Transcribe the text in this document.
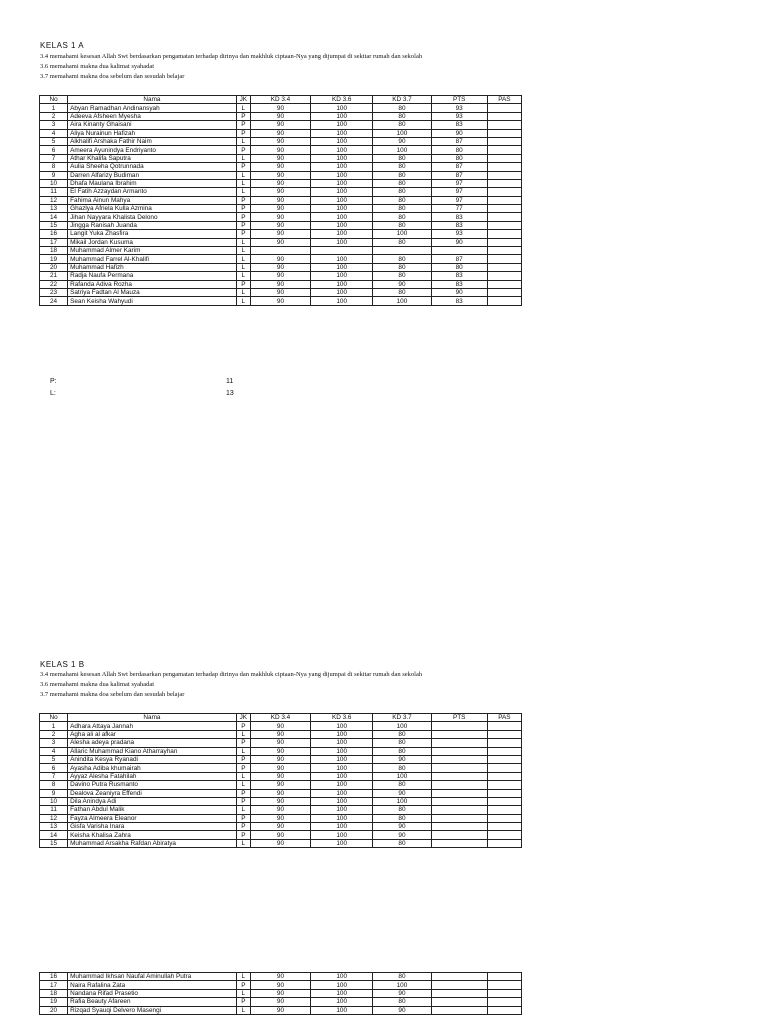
KELAS 1 A
3.4 memahami kesesan Allah Swt berdasarkan pengamatan terhadap dirinya dan makhluk ciptaan-Nya yang dijumpai di sekitar rumah dan sekolah
3.6 memahami makna dua kalimat syahadat
3.7 memahami makna doa sebelum dan sesudah belajar
No	Nama	JK	KD 3.4	KD 3.6	KD 3.7	PTS	PAS
1	Abyan Ramadhan Andinansyah	L	90	100	80	93	
2	Adeeva Afsheen Myesha	P	90	100	80	93	
3	Aira Kinanty Ghaisani	P	90	100	80	83	
4	Aliya Nurainun Hafizah	P	90	100	100	90	
5	Alkhalifi Arshaka Fathir Naim	L	90	100	90	87	
6	Ameera Ayunindya Endriyanto	P	90	100	100	80	
7	Athar Khalifa Saputra	L	90	100	80	80	
8	Aulia Sheeha Qotrunnada	P	90	100	80	87	
9	Darren Alfarizy Budiman	L	90	100	80	87	
10	Dhafa Maulana Ibrahim	L	90	100	80	97	
11	El Fatih Azzaydan Armanto	L	90	100	80	97	
12	Fahima Ainun Mahya	P	90	100	80	97	
13	Ghazlya Afriela Kulla Azmina	P	90	100	80	77	
14	Jihan Nayyara Khalista Delono	P	90	100	80	83	
15	Jingga Ranisah Juanda	P	90	100	80	83	
16	Langit Yuka Zhasfira	P	90	100	100	93	
17	Mikail Jordan Kusuma	L	90	100	80	90	
18	Muhammad Almer Karim	L					
19	Muhammad Farrel Al-Khalifi	L	90	100	80	87	
20	Muhammad Hafizh	L	90	100	80	80	
21	Radja Naufa Permana	L	90	100	80	83	
22	Rafanda Adiva Rozha	P	90	100	90	83	
23	Satriya Fadtan Al Mauza	L	90	100	80	90	
24	Sean Keisha Wahyudi	L	90	100	100	83	
P:	11
L:	13
KELAS 1 B
3.4 memahami kesesan Allah Swt berdasarkan pengamatan terhadap dirinya dan makhluk ciptaan-Nya yang dijumpai di sekitar rumah dan sekolah
3.6 memahami makna dua kalimat syahadat
3.7 memahami makna doa sebelum dan sesudah belajar
No	Nama	JK	KD 3.4	KD 3.6	KD 3.7	PTS	PAS
1	Adhara Attaya Jannah	P	90	100	100		
2	Agha ali al afkar	L	90	100	80		
3	Alesha adeya pradana	P	90	100	80		
4	Allaric Muhammad Kiano Atharrayhan	L	90	100	80		
5	Anindita Kesya Ryanadi	P	90	100	90		
6	Ayasha Adiba khumairah	P	90	100	80		
7	Ayyaz Alesha Fatahilah	L	90	100	100		
8	Davino Putra Rusmanto	L	90	100	80		
9	Dealova Zeaniyra Effendi	P	90	100	90		
10	Dila Anindya Adi	P	90	100	100		
11	Fathan Abdul Malik	L	90	100	80		
12	Fayza Almeera Eleanor	P	90	100	80		
13	Gisfa Varisha Inara	P	90	100	90		
14	Keisha Khalisa Zahra	P	90	100	90		
15	Muhammad Arsakha Rafdan Abiratya	L	90	100	80		
16	Muhammad Ikhsan Naufal Aminullah Putra	L	90	100	80		
17	Naira Rafalina Zata	P	90	100	100		
18	Nandana Rifad Prasetio	L	90	100	90		
19	Rafia Beauty Afareen	P	90	100	80		
20	Rizqad Syauqi Delvero Masengi	L	90	100	90		
